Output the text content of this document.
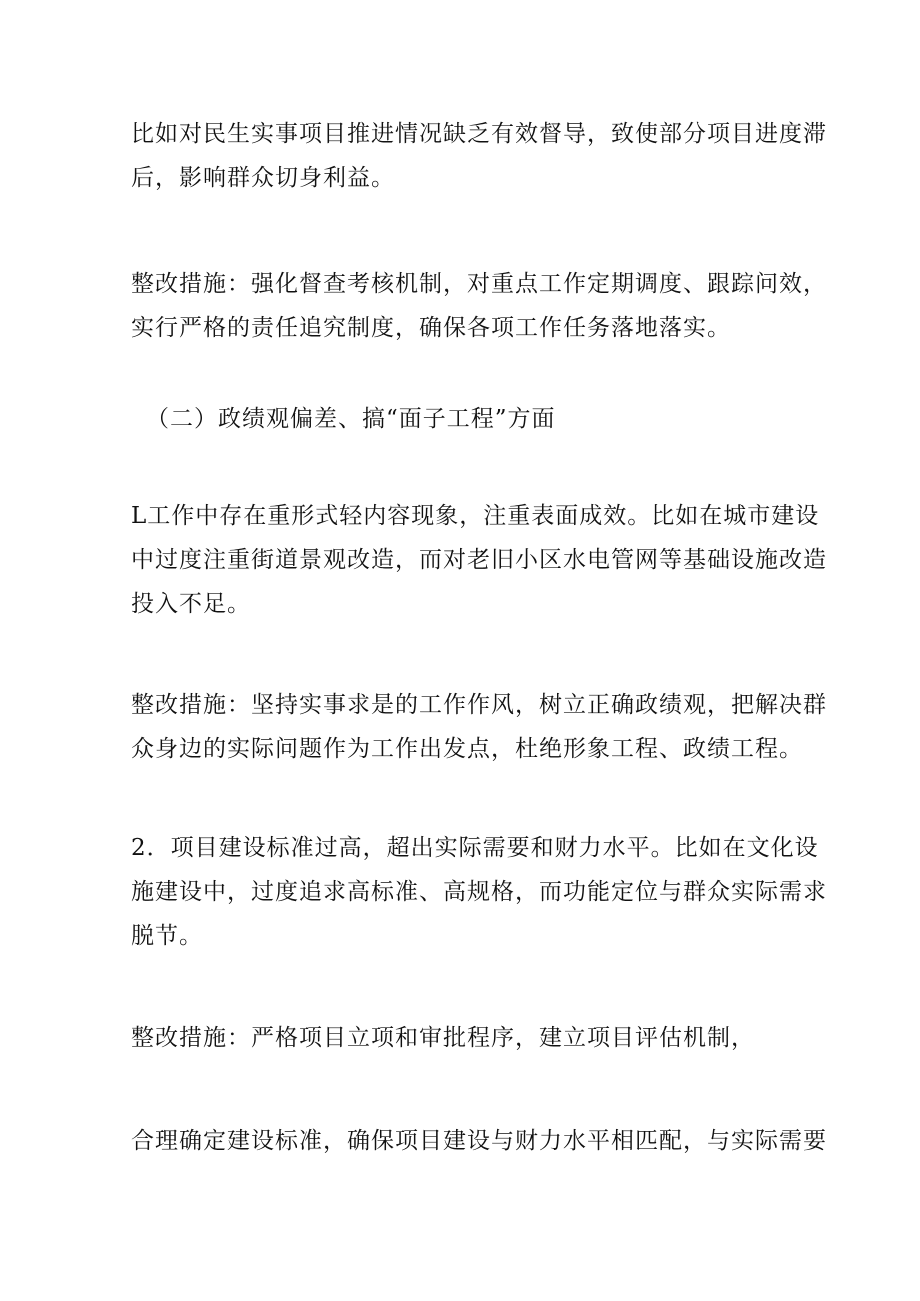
比如对民生实事项目推进情况缺乏有效督导，致使部分项目进度滞
后，影响群众切身利益。

整改措施：强化督查考核机制，对重点工作定期调度、跟踪问效，
实行严格的责任追究制度，确保各项工作任务落地落实。

（二）政绩观偏差、搞“面子工程”方面

L工作中存在重形式轻内容现象，注重表面成效。比如在城市建设
中过度注重街道景观改造，而对老旧小区水电管网等基础设施改造
投入不足。

整改措施：坚持实事求是的工作作风，树立正确政绩观，把解决群
众身边的实际问题作为工作出发点，杜绝形象工程、政绩工程。

2．项目建设标准过高，超出实际需要和财力水平。比如在文化设
施建设中，过度追求高标准、高规格，而功能定位与群众实际需求
脱节。

整改措施：严格项目立项和审批程序，建立项目评估机制，

合理确定建设标准，确保项目建设与财力水平相匹配，与实际需要
